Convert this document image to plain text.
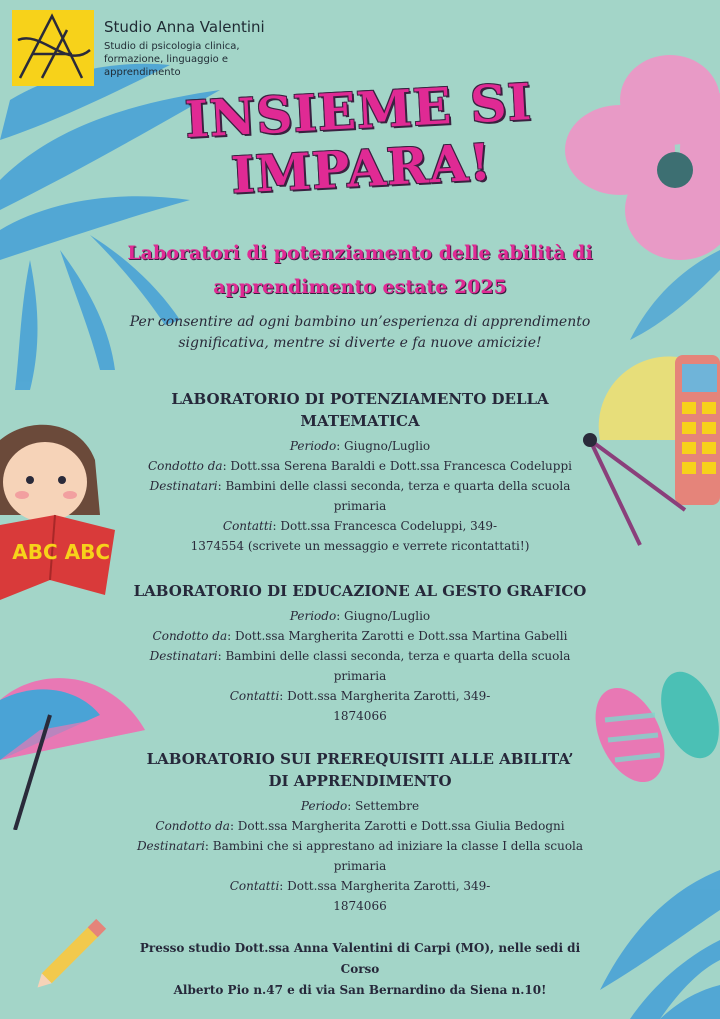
ABC ABC
Studio Anna Valentini
Studio di psicologia clinica, formazione, linguaggio e apprendimento INSIEME SI
IMPARA!
Laboratori di potenziamento delle abilità di
apprendimento estate 2025
Per consentire ad ogni bambino un’esperienza di apprendimento
significativa, mentre si diverte e fa nuove amicizie!
LABORATORIO DI POTENZIAMENTO DELLA MATEMATICA

Periodo: Giugno/Luglio

Condotto da: Dott.ssa Serena Baraldi e Dott.ssa Francesca Codeluppi

Destinatari: Bambini delle classi seconda, terza e quarta della scuola primaria

Contatti: Dott.ssa Francesca Codeluppi, 349-

1374554 (scrivete un messaggio e verrete ricontattati!)

LABORATORIO DI EDUCAZIONE AL GESTO GRAFICO

Periodo: Giugno/Luglio

Condotto da: Dott.ssa Margherita Zarotti e Dott.ssa Martina Gabelli

Destinatari: Bambini delle classi seconda, terza e quarta della scuola primaria

Contatti: Dott.ssa Margherita Zarotti, 349-

1874066

LABORATORIO SUI PREREQUISITI ALLE ABILITA’ DI APPRENDIMENTO

Periodo: Settembre

Condotto da: Dott.ssa Margherita Zarotti e Dott.ssa Giulia Bedogni

Destinatari: Bambini che si apprestano ad iniziare la classe I della scuola primaria

Contatti: Dott.ssa Margherita Zarotti, 349-

1874066

Presso studio Dott.ssa Anna Valentini di Carpi (MO), nelle sedi di Corso
Alberto Pio n.47 e di via San Bernardino da Siena n.10!
